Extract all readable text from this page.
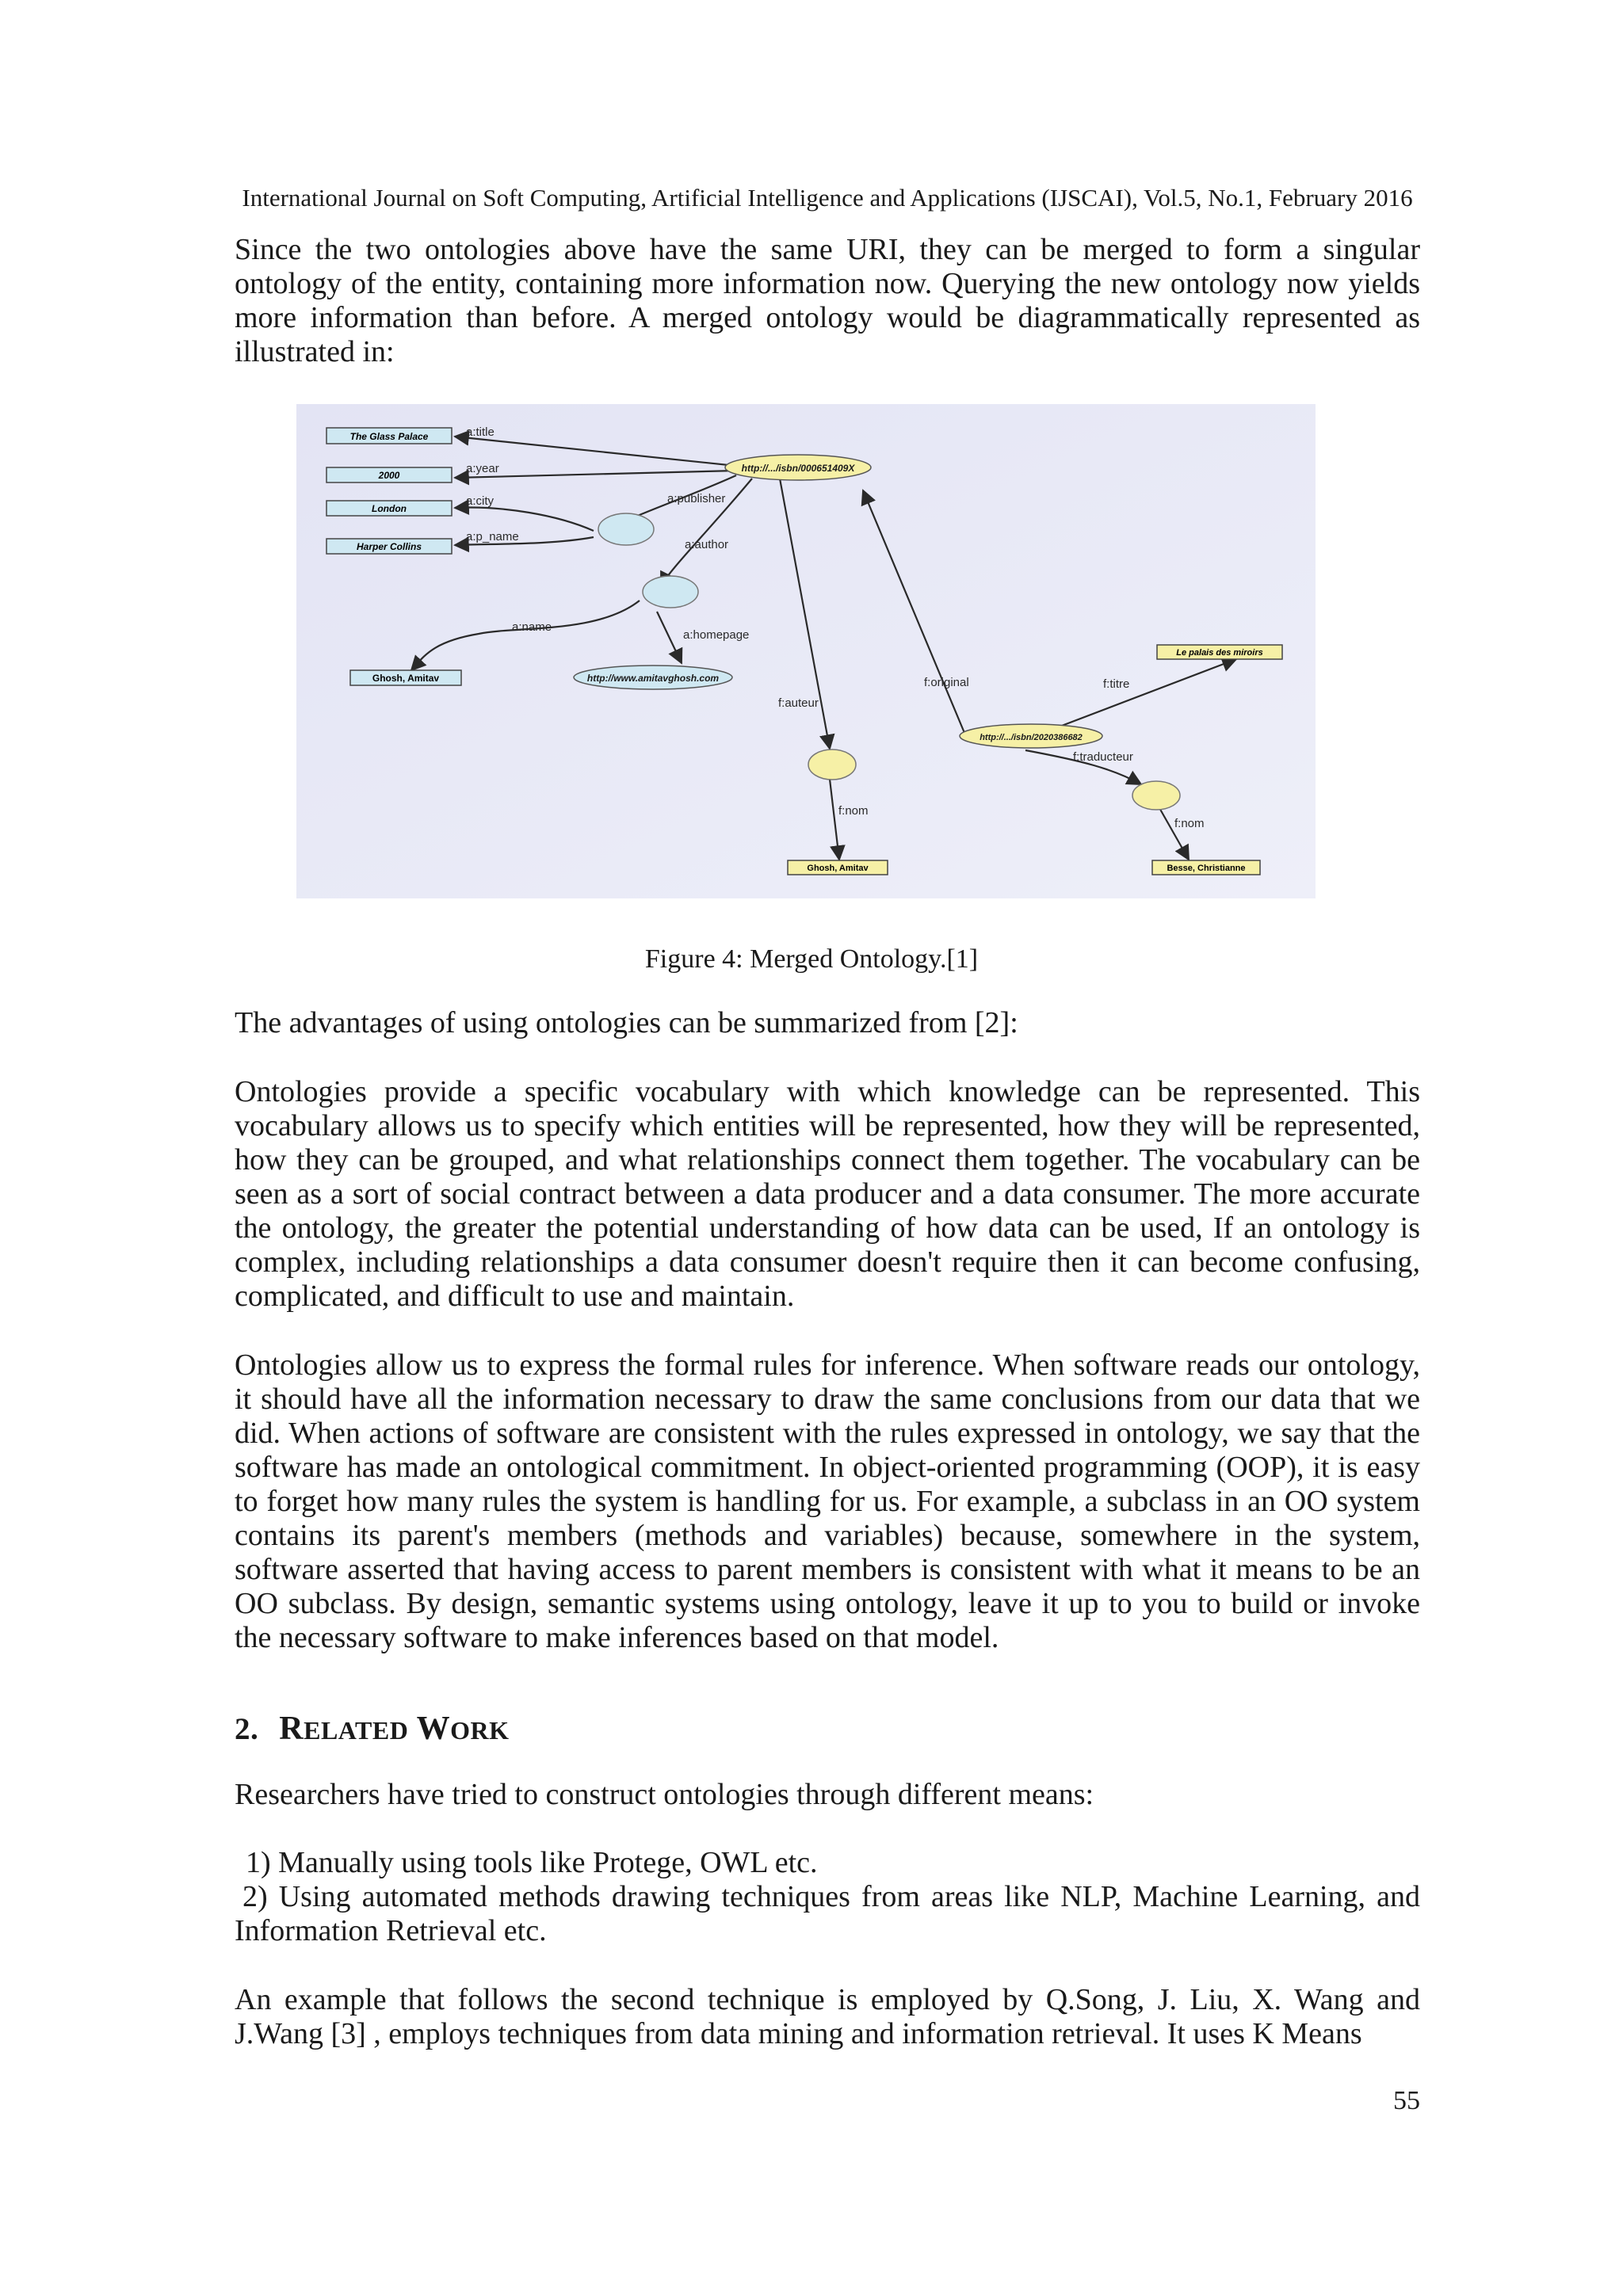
International Journal on Soft Computing, Artificial Intelligence and Applications (IJSCAI), Vol.5, No.1, February 2016
Since the two ontologies above have the same URI, they can be merged to form a singular ontology of the entity, containing more information now. Querying the new ontology now yields more information than before. A merged ontology would be diagrammatically represented as illustrated in:
http://.../isbn/000651409X
http://.../isbn/2020386682
http://www.amitavghosh.com
The Glass Palace
2000
London
Harper Collins
Ghosh, Amitav
Ghosh, Amitav
Le palais des miroirs
Besse, Christianne
a:title
a:year
a:city
a:p_name
a:publisher
a:author
a:name
a:homepage
f:auteur
f:nom
f:original	f:titre
f:traducteur
f:nom
Figure 4: Merged Ontology.[1]
The advantages of using ontologies can be summarized from [2]:
Ontologies provide a specific vocabulary with which knowledge can be represented. This vocabulary allows us to specify which entities will be represented, how they will be represented, how they can be grouped, and what relationships connect them together. The vocabulary can be seen as a sort of social contract between a data producer and a data consumer. The more accurate the ontology, the greater the potential understanding of how data can be used, If an ontology is complex, including relationships a data consumer doesn't require then it can become confusing, complicated, and difficult to use and maintain.
Ontologies allow us to express the formal rules for inference. When software reads our ontology, it should have all the information necessary to draw the same conclusions from our data that we did. When actions of software are consistent with the rules expressed in ontology, we say that the software has made an ontological commitment. In object-oriented programming (OOP), it is easy to forget how many rules the system is handling for us. For example, a subclass in an OO system contains its parent's members (methods and variables) because, somewhere in the system, software asserted that having access to parent members is consistent with what it means to be an OO subclass. By design, semantic systems using ontology, leave it up to you to build or invoke the necessary software to make inferences based on that model.
2. RELATED WORK
Researchers have tried to construct ontologies through different means:
1) Manually using tools like Protege, OWL etc.
2) Using automated methods drawing techniques from areas like NLP, Machine Learning, and Information Retrieval etc.
An example that follows the second technique is employed by Q.Song, J. Liu, X. Wang and J.Wang [3] , employs techniques from data mining and information retrieval. It uses K Means
55
